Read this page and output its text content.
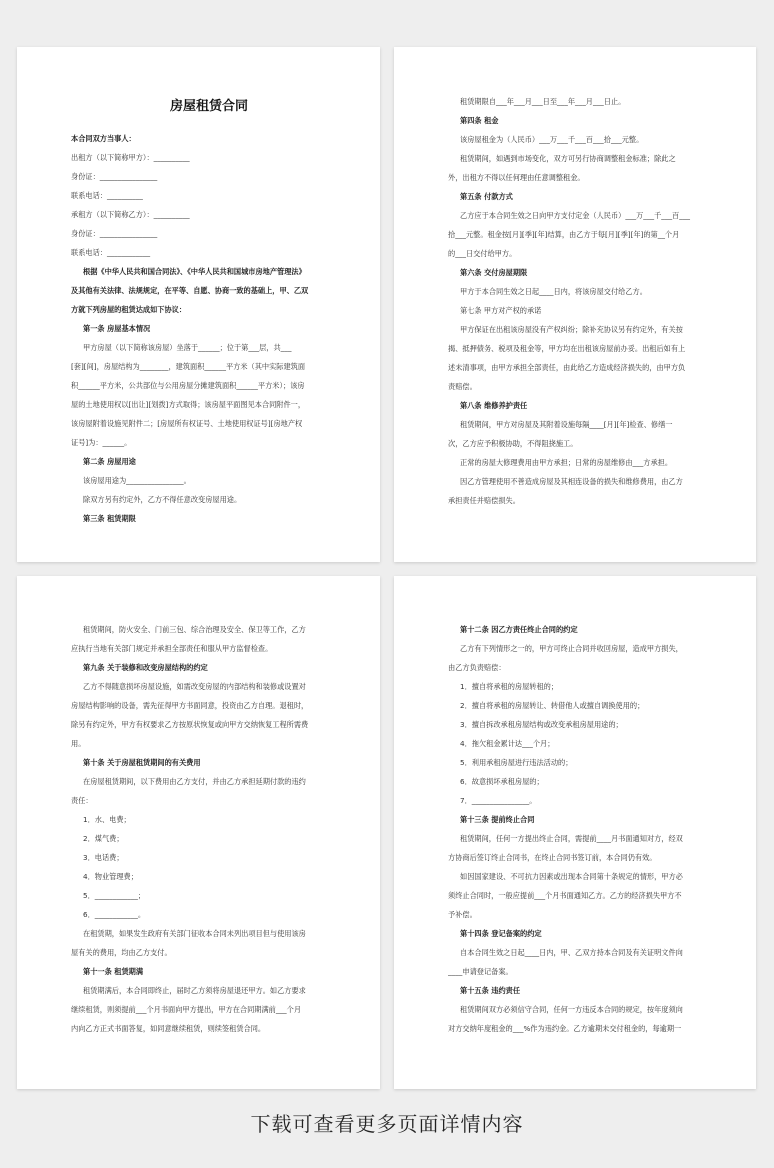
房屋租赁合同
本合同双方当事人：
出租方（以下简称甲方）：__________
身份证：________________
联系电话：__________
承租方（以下简称乙方）：__________
身份证：________________
联系电话：____________
根据《中华人民共和国合同法》、《中华人民共和国城市房地产管理法》
及其他有关法律、法规规定，在平等、自愿、协商一致的基础上，甲、乙双
方就下列房屋的租赁达成如下协议：
第一条 房屋基本情况
甲方房屋（以下简称该房屋）坐落于______；位于第___层，共___
[套][间]，房屋结构为________，建筑面积______平方米（其中实际建筑面
积______平方米，公共部位与公用房屋分摊建筑面积______平方米）；该房
屋的土地使用权以[出让][划拨]方式取得；该房屋平面图见本合同附件一，
该房屋附着设施见附件二；[房屋所有权证号、土地使用权证号][房地产权
证号]为：______。
第二条 房屋用途
该房屋用途为________________。
除双方另有约定外，乙方不得任意改变房屋用途。
第三条 租赁期限
租赁期限自___年___月___日至___年___月___日止。
第四条 租金
该房屋租金为（人民币）___万___千___百___拾___元整。
租赁期间，如遇到市场变化，双方可另行协商调整租金标准；除此之
外，出租方不得以任何理由任意调整租金。
第五条 付款方式
乙方应于本合同生效之日向甲方支付定金（人民币）___万___千___百___
拾___元整。租金按[月][季][年]结算，由乙方于每[月][季][年]的第__个月
的___日交付给甲方。
第六条 交付房屋期限
甲方于本合同生效之日起____日内，将该房屋交付给乙方。
第七条 甲方对产权的承诺
甲方保证在出租该房屋没有产权纠纷；除补充协议另有约定外，有关按
揭、抵押债务、税项及租金等，甲方均在出租该房屋前办妥。出租后如有上
述未清事项，由甲方承担全部责任，由此给乙方造成经济损失的，由甲方负
责赔偿。
第八条 维修养护责任
租赁期间，甲方对房屋及其附着设施每隔____[月][年]检查、修缮一
次，乙方应予积极协助，不得阻挠施工。
正常的房屋大修理费用由甲方承担；日常的房屋维修由___方承担。
因乙方管理使用不善造成房屋及其相连设备的损失和维修费用，由乙方
承担责任并赔偿损失。
租赁期间，防火安全、门前三包、综合治理及安全、保卫等工作，乙方
应执行当地有关部门规定并承担全部责任和服从甲方监督检查。
第九条 关于装修和改变房屋结构的约定
乙方不得随意损坏房屋设施，如需改变房屋的内部结构和装修或设置对
房屋结构影响的设备，需先征得甲方书面同意，投资由乙方自理。退租时，
除另有约定外，甲方有权要求乙方按原状恢复或向甲方交纳恢复工程所需费
用。
第十条 关于房屋租赁期间的有关费用
在房屋租赁期间，以下费用由乙方支付，并由乙方承担延期付款的违约
责任：
1．水、电费；
2．煤气费；
3．电话费；
4．物业管理费；
5．____________；
6．____________。
在租赁期，如果发生政府有关部门征收本合同未列出项目但与使用该房
屋有关的费用，均由乙方支付。
第十一条 租赁期满
租赁期满后，本合同即终止，届时乙方须将房屋退还甲方。如乙方要求
继续租赁，则须提前___个月书面向甲方提出，甲方在合同期满前___个月
内向乙方正式书面答复，如同意继续租赁，则续签租赁合同。
第十二条 因乙方责任终止合同的约定
乙方有下列情形之一的，甲方可终止合同并收回房屋，造成甲方损失，
由乙方负责赔偿：
1．擅自将承租的房屋转租的；
2．擅自将承租的房屋转让、转借他人或擅自调换使用的；
3．擅自拆改承租房屋结构或改变承租房屋用途的；
4．拖欠租金累计达___个月；
5．利用承租房屋进行违法活动的；
6．故意损坏承租房屋的；
7．________________。
第十三条 提前终止合同
租赁期间，任何一方提出终止合同，需提前____月书面通知对方，经双
方协商后签订终止合同书，在终止合同书签订前，本合同仍有效。
如因国家建设、不可抗力因素或出现本合同第十条规定的情形，甲方必
须终止合同时，一般应提前___个月书面通知乙方。乙方的经济损失甲方不
予补偿。
第十四条 登记备案的约定
自本合同生效之日起____日内，甲、乙双方持本合同及有关证明文件向
____申请登记备案。
第十五条 违约责任
租赁期间双方必须信守合同，任何一方违反本合同的规定，按年度须向
对方交纳年度租金的___%作为违约金。乙方逾期未交付租金的，每逾期一
下载可查看更多页面详情内容
